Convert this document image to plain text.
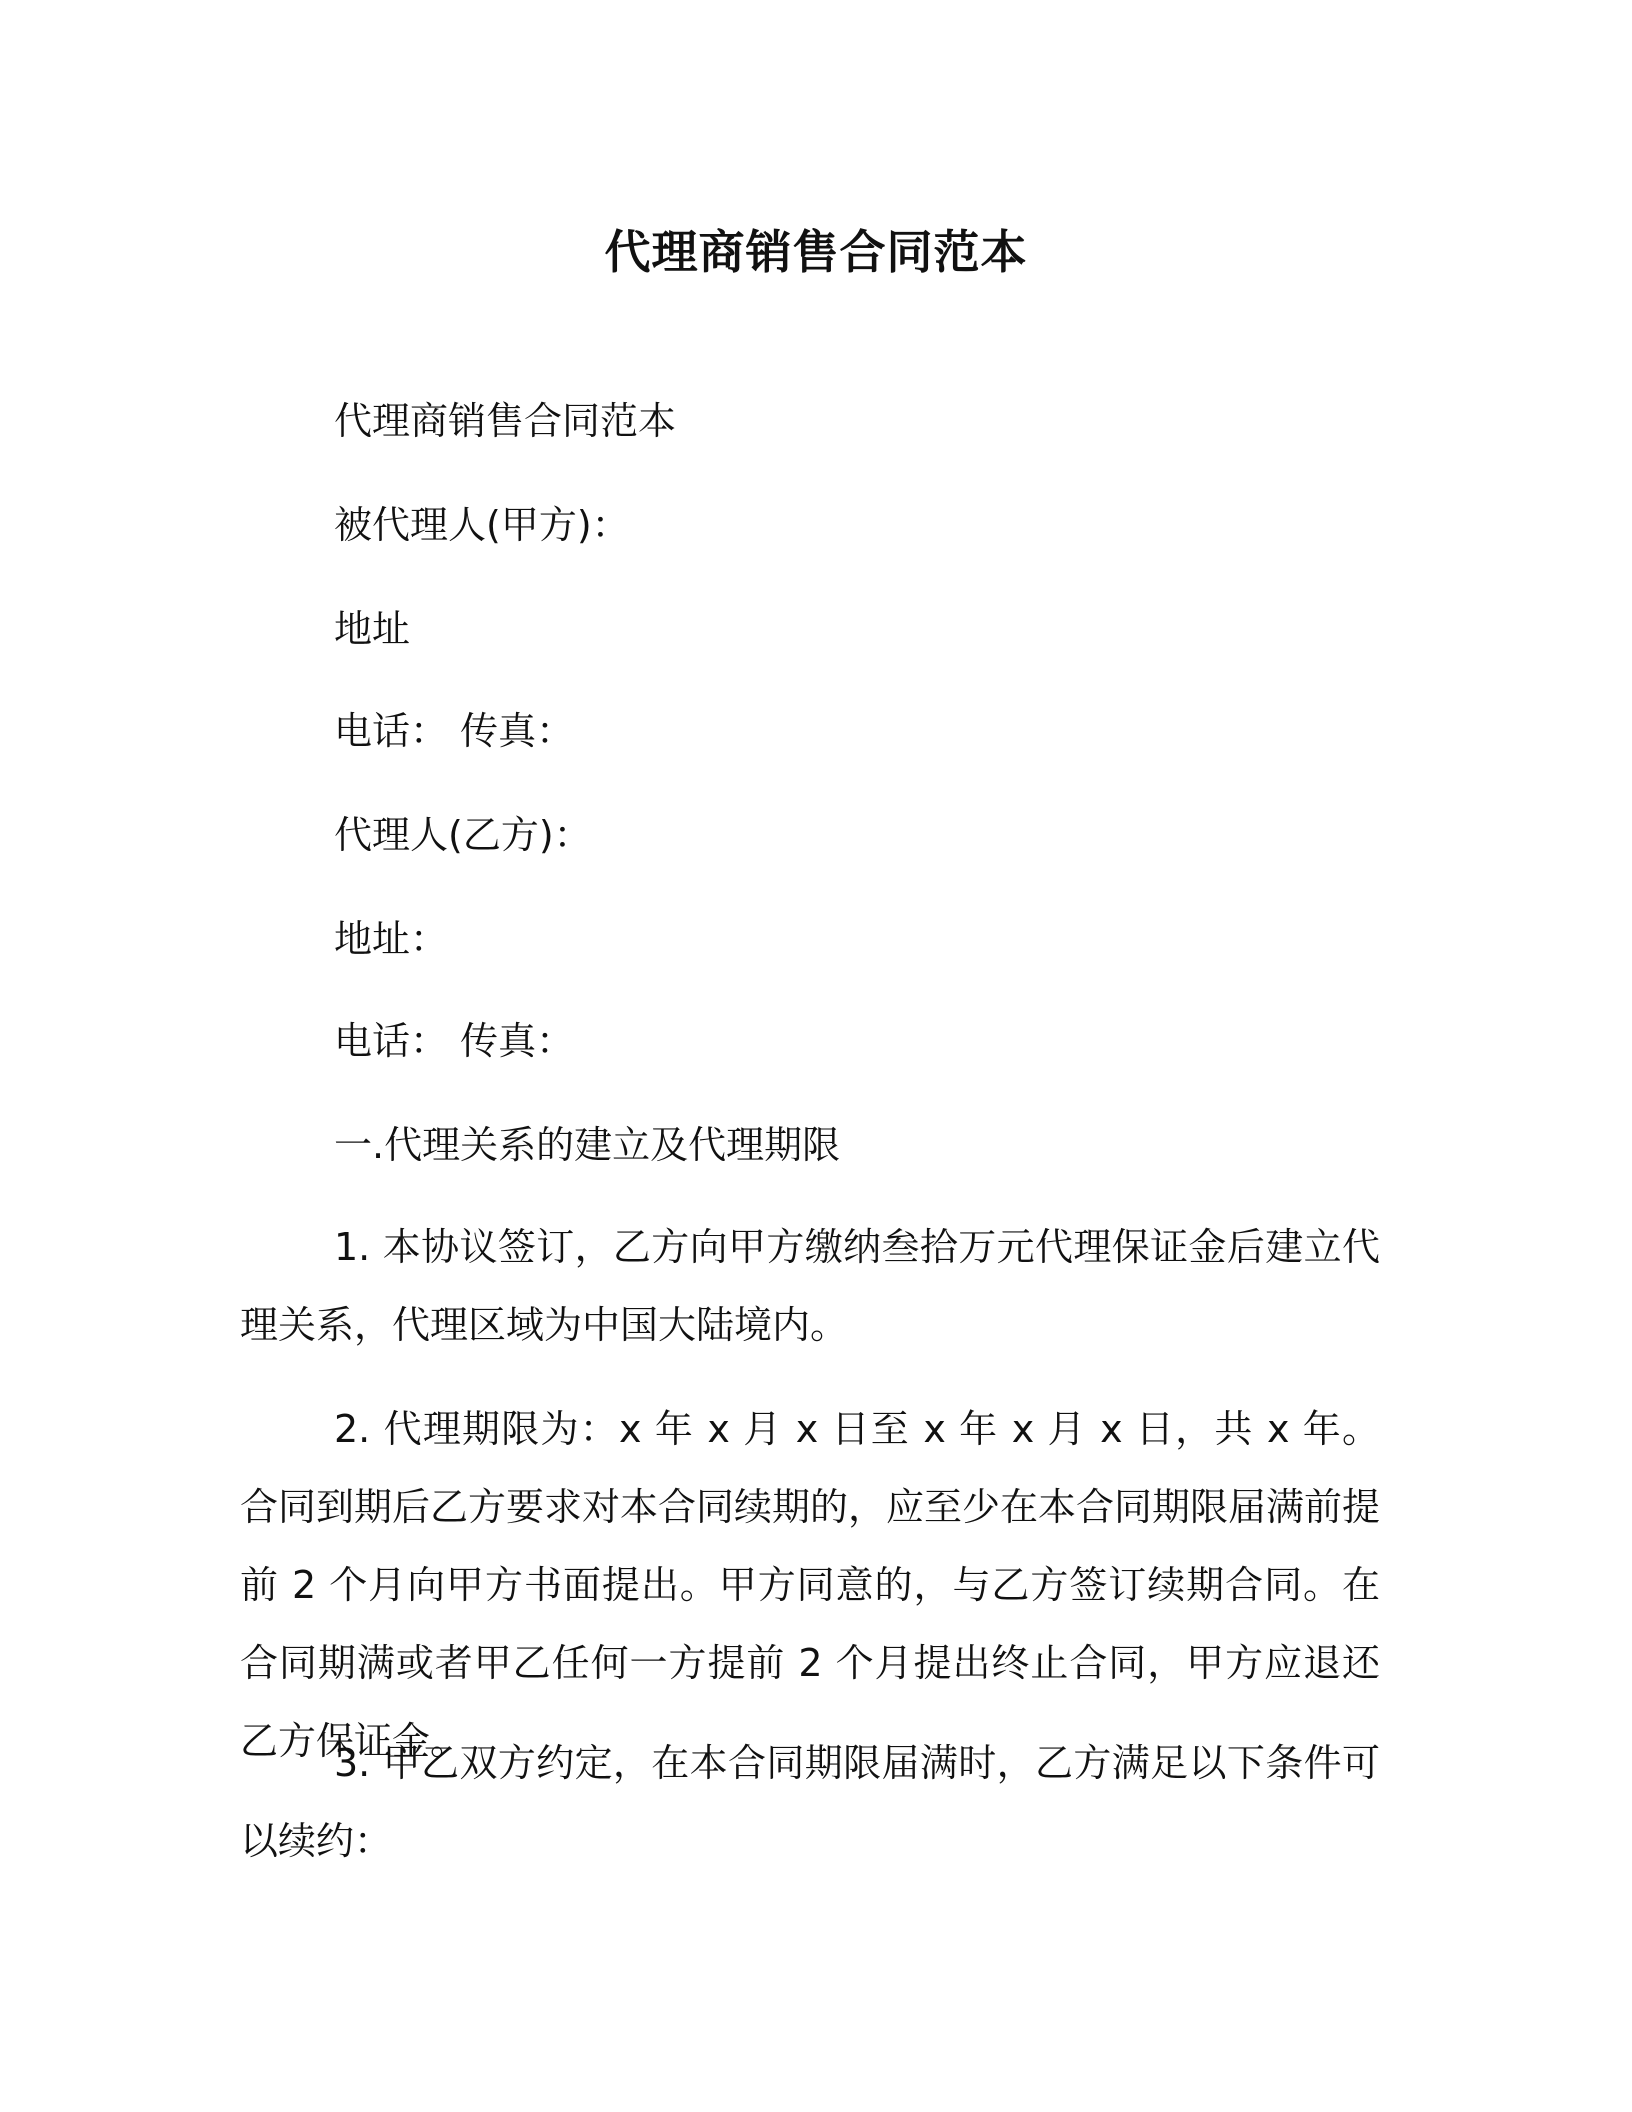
代理商销售合同范本
代理商销售合同范本
被代理人(甲方)：
地址
电话： 传真：
代理人(乙方)：
地址：
电话： 传真：
一.代理关系的建立及代理期限

1. 本协议签订，乙方向甲方缴纳叁拾万元代理保证金后建立代理关系，代理区域为中国大陆境内。

2. 代理期限为：x 年 x 月 x 日至 x 年 x 月 x 日，共 x 年。合同到期后乙方要求对本合同续期的，应至少在本合同期限届满前提前 2 个月向甲方书面提出。甲方同意的，与乙方签订续期合同。在合同期满或者甲乙任何一方提前 2 个月提出终止合同，甲方应退还乙方保证金。

3. 甲乙双方约定，在本合同期限届满时，乙方满足以下条件可以续约：
